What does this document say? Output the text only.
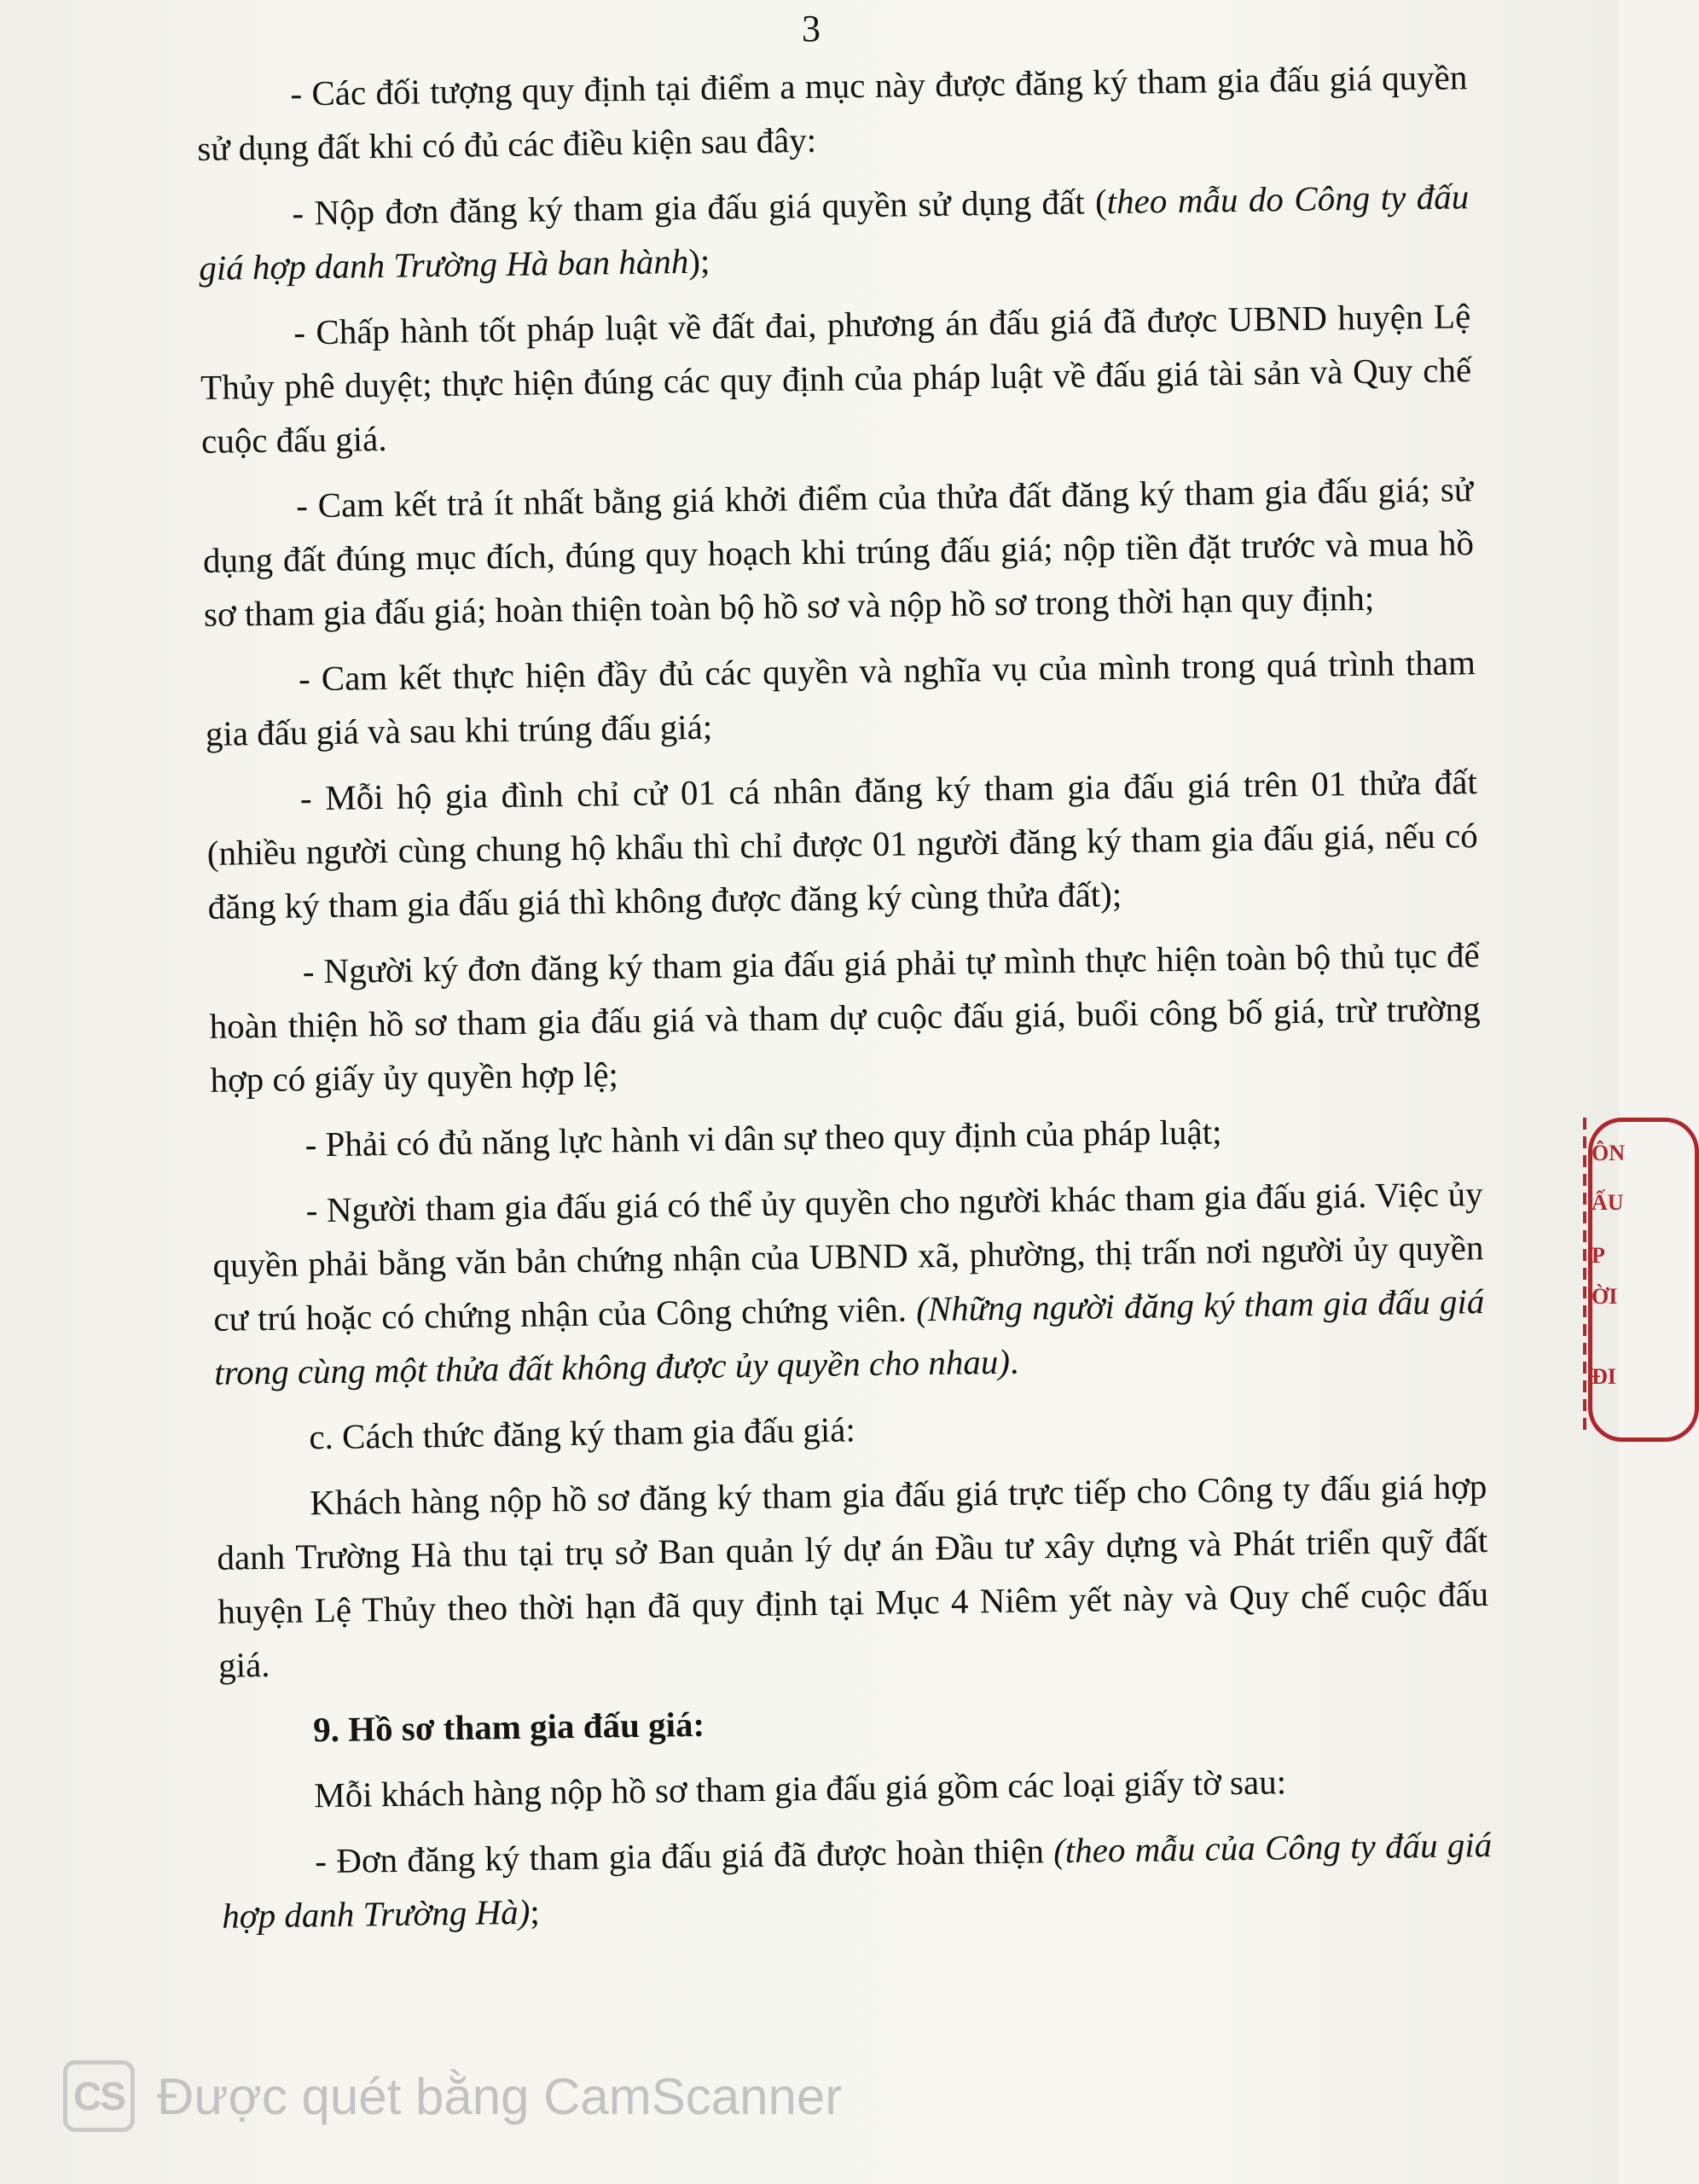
3

- Các đối tượng quy định tại điểm a mục này được đăng ký tham gia đấu giá quyền sử dụng đất khi có đủ các điều kiện sau đây:

- Nộp đơn đăng ký tham gia đấu giá quyền sử dụng đất (theo mẫu do Công ty đấu giá hợp danh Trường Hà ban hành);

- Chấp hành tốt pháp luật về đất đai, phương án đấu giá đã được UBND huyện Lệ Thủy phê duyệt; thực hiện đúng các quy định của pháp luật về đấu giá tài sản và Quy chế cuộc đấu giá.

- Cam kết trả ít nhất bằng giá khởi điểm của thửa đất đăng ký tham gia đấu giá; sử dụng đất đúng mục đích, đúng quy hoạch khi trúng đấu giá; nộp tiền đặt trước và mua hồ sơ tham gia đấu giá; hoàn thiện toàn bộ hồ sơ và nộp hồ sơ trong thời hạn quy định;

- Cam kết thực hiện đầy đủ các quyền và nghĩa vụ của mình trong quá trình tham gia đấu giá và sau khi trúng đấu giá;

- Mỗi hộ gia đình chỉ cử 01 cá nhân đăng ký tham gia đấu giá trên 01 thửa đất (nhiều người cùng chung hộ khẩu thì chỉ được 01 người đăng ký tham gia đấu giá, nếu có đăng ký tham gia đấu giá thì không được đăng ký cùng thửa đất);

- Người ký đơn đăng ký tham gia đấu giá phải tự mình thực hiện toàn bộ thủ tục để hoàn thiện hồ sơ tham gia đấu giá và tham dự cuộc đấu giá, buổi công bố giá, trừ trường hợp có giấy ủy quyền hợp lệ;

- Phải có đủ năng lực hành vi dân sự theo quy định của pháp luật;

- Người tham gia đấu giá có thể ủy quyền cho người khác tham gia đấu giá. Việc ủy quyền phải bằng văn bản chứng nhận của UBND xã, phường, thị trấn nơi người ủy quyền cư trú hoặc có chứng nhận của Công chứng viên. (Những người đăng ký tham gia đấu giá trong cùng một thửa đất không được ủy quyền cho nhau).

c. Cách thức đăng ký tham gia đấu giá:

Khách hàng nộp hồ sơ đăng ký tham gia đấu giá trực tiếp cho Công ty đấu giá hợp danh Trường Hà thu tại trụ sở Ban quản lý dự án Đầu tư xây dựng và Phát triển quỹ đất huyện Lệ Thủy theo thời hạn đã quy định tại Mục 4 Niêm yết này và Quy chế cuộc đấu giá.

9. Hồ sơ tham gia đấu giá:

Mỗi khách hàng nộp hồ sơ tham gia đấu giá gồm các loại giấy tờ sau:

- Đơn đăng ký tham gia đấu giá đã được hoàn thiện (theo mẫu của Công ty đấu giá hợp danh Trường Hà);

ÔN
ẤU
P
ỜI
ĐI
CS Được quét bằng CamScanner
